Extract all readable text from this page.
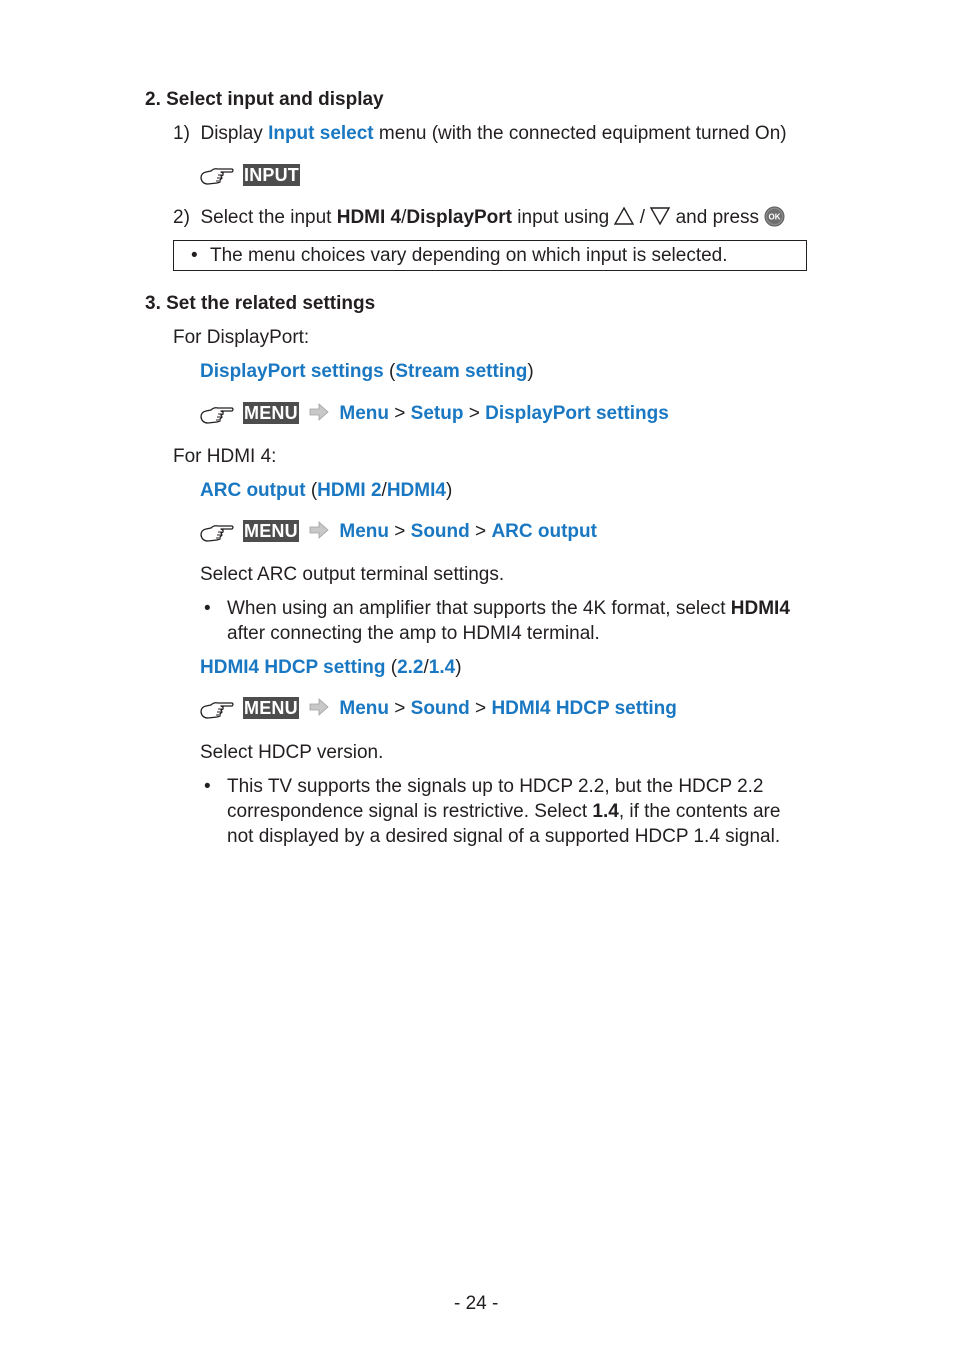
2. Select input and display
1) Display Input select menu (with the connected equipment turned On)
INPUT
2) Select the input HDMI 4/DisplayPort input using / and press OK
• The menu choices vary depending on which input is selected.
3. Set the related settings
For DisplayPort:
DisplayPort settings (Stream setting)
MENU Menu > Setup > DisplayPort settings
For HDMI 4:
ARC output (HDMI 2/HDMI4)
MENU Menu > Sound > ARC output
Select ARC output terminal settings.
• When using an amplifier that supports the 4K format, select HDMI4
after connecting the amp to HDMI4 terminal.
HDMI4 HDCP setting (2.2/1.4)
MENU Menu > Sound > HDMI4 HDCP setting
Select HDCP version.
• This TV supports the signals up to HDCP 2.2, but the HDCP 2.2
correspondence signal is restrictive. Select 1.4, if the contents are
not displayed by a desired signal of a supported HDCP 1.4 signal.
- 24 -
